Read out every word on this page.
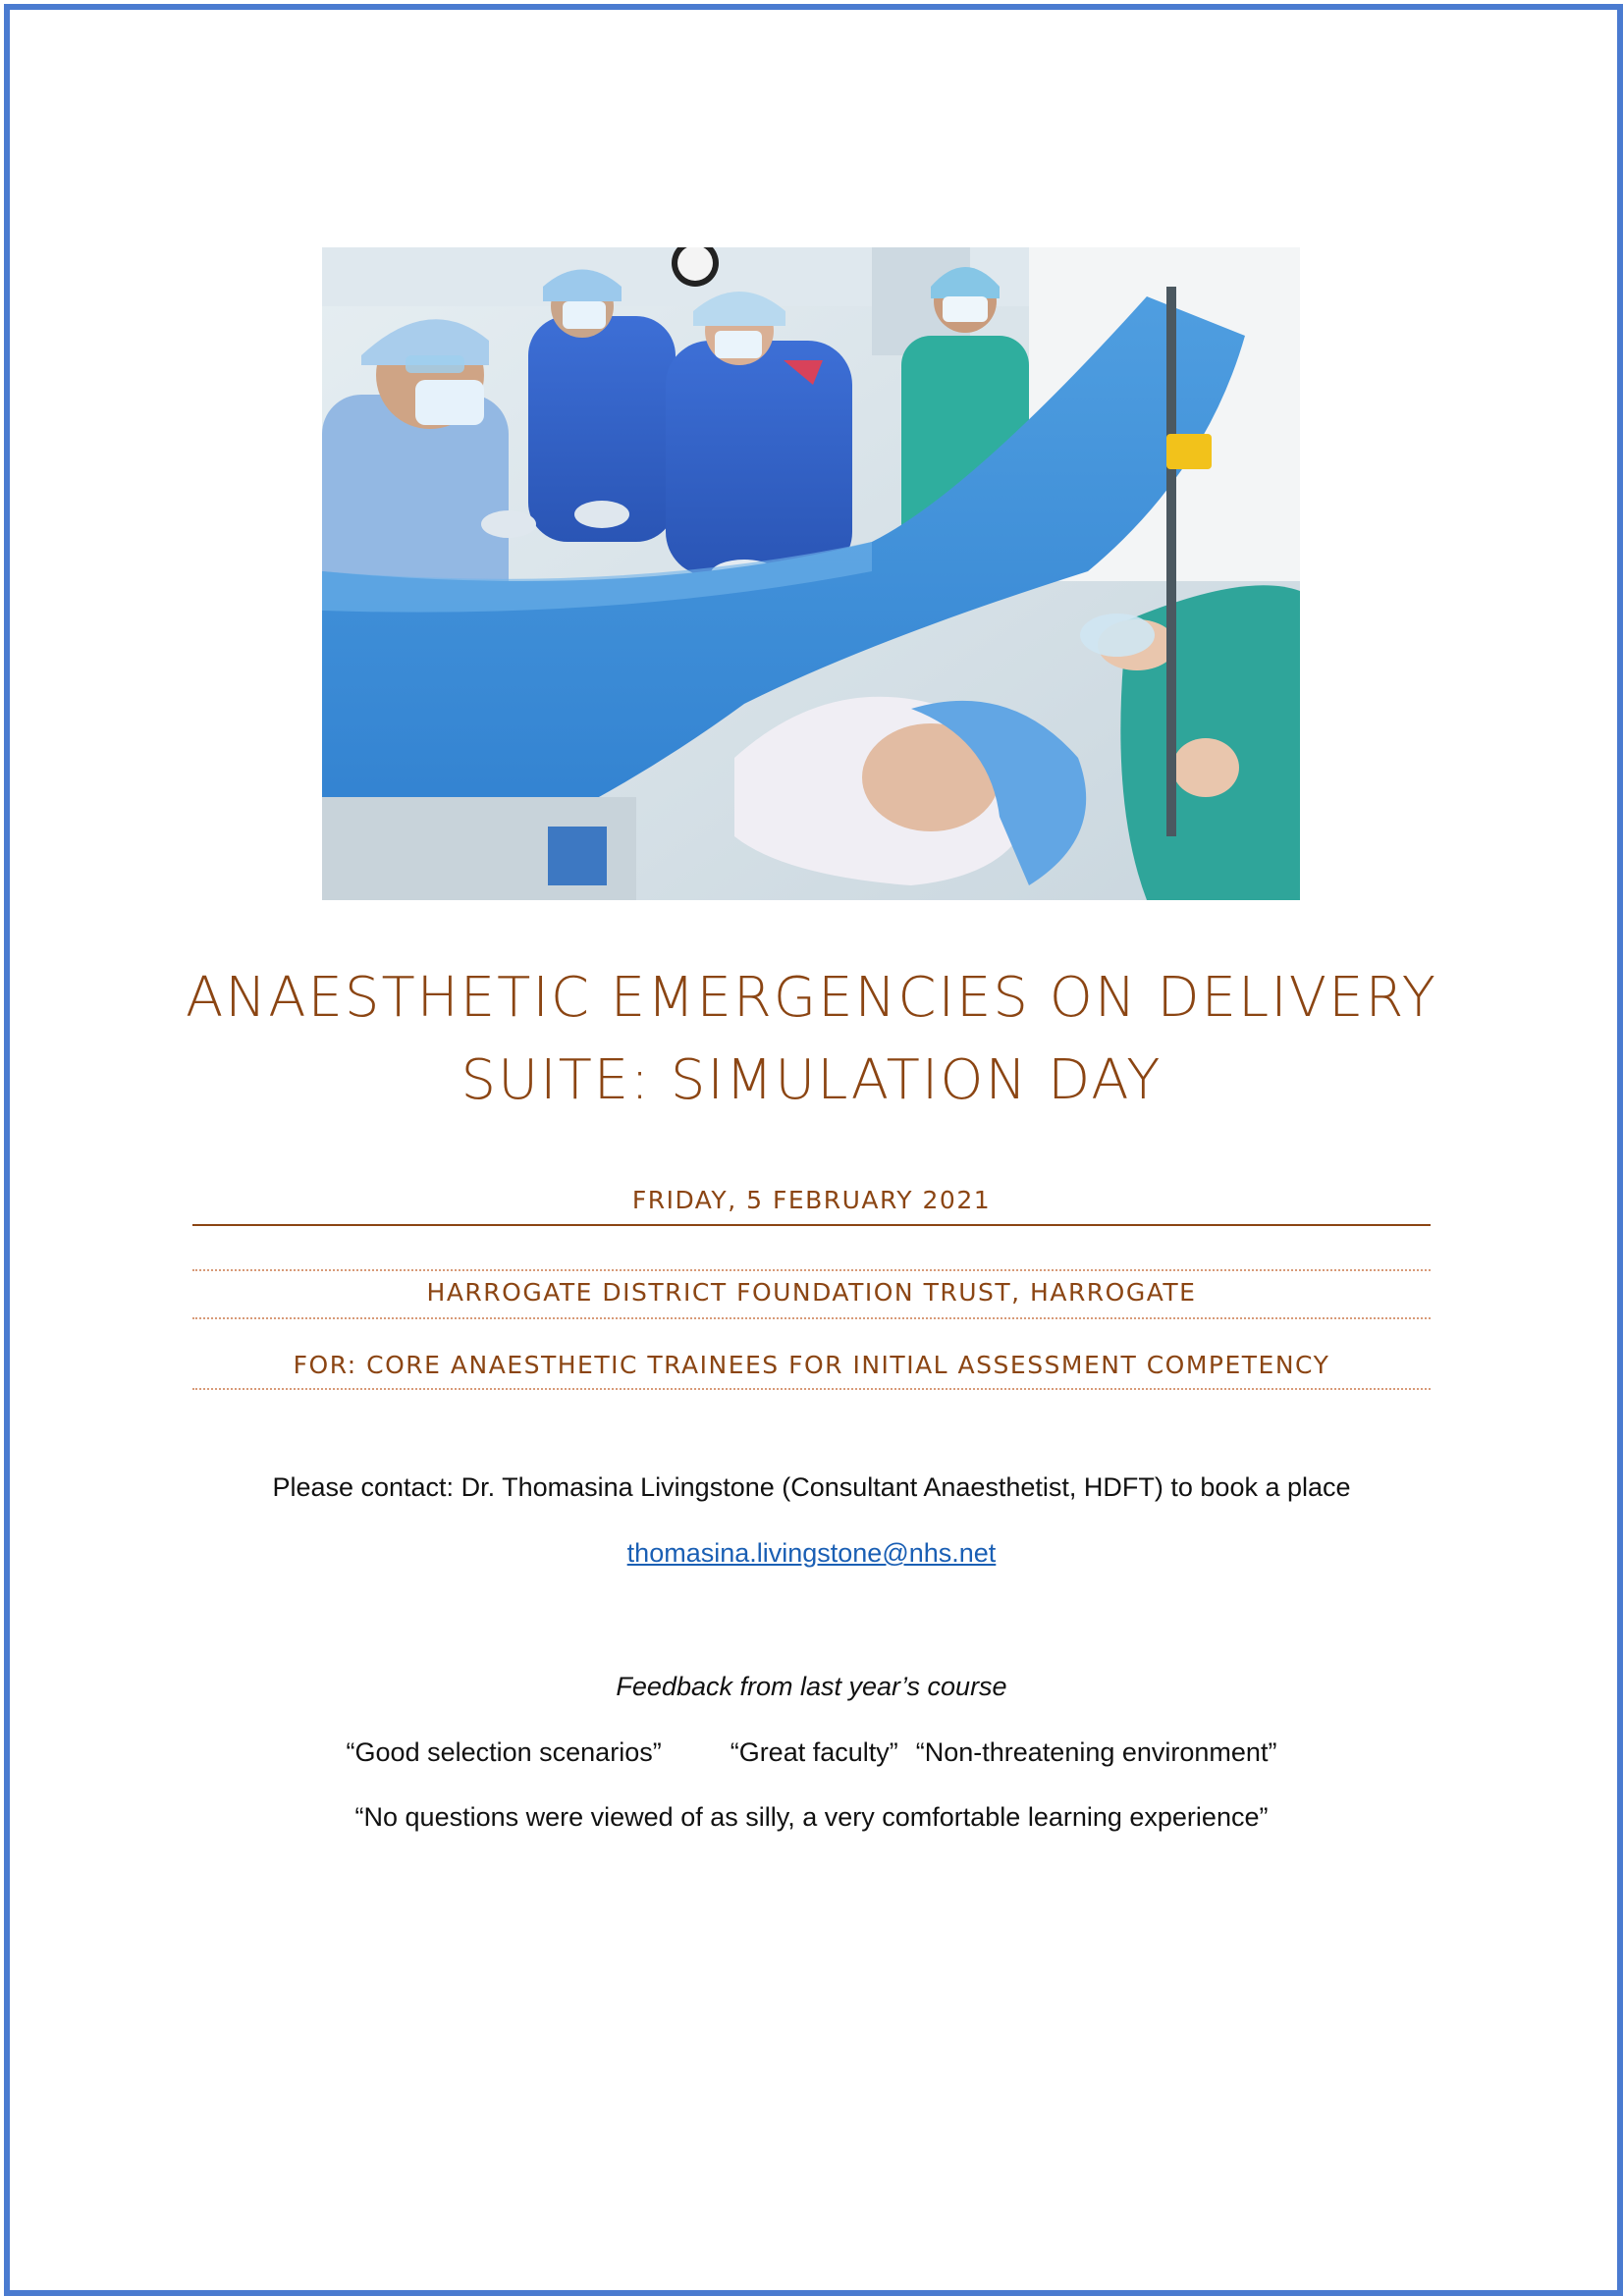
ANAESTHETIC EMERGENCIES ON DELIVERY
SUITE: SIMULATION DAY
FRIDAY, 5 FEBRUARY 2021
HARROGATE DISTRICT FOUNDATION TRUST, HARROGATE
FOR: CORE ANAESTHETIC TRAINEES FOR INITIAL ASSESSMENT COMPETENCY
Please contact: Dr. Thomasina Livingstone (Consultant Anaesthetist, HDFT) to book a place
thomasina.livingstone@nhs.net
Feedback from last year’s course
“Good selection scenarios”	“Great faculty” “Non-threatening environment”
“No questions were viewed of as silly, a very comfortable learning experience”
